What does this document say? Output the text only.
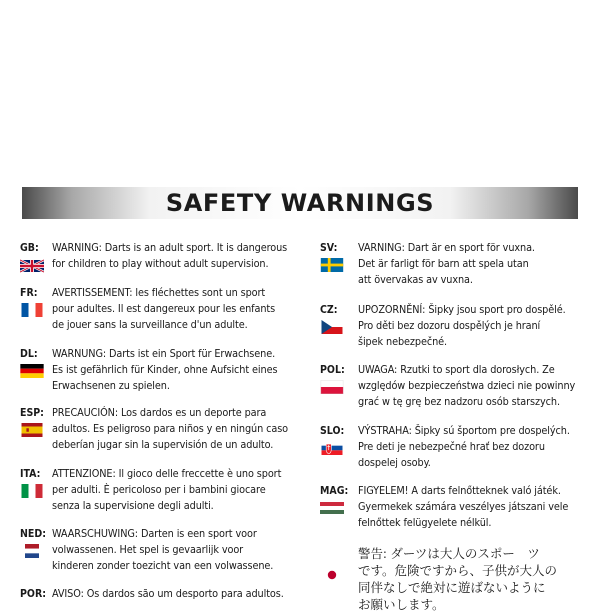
SAFETY WARNINGS
GB: WARNING: Darts is an adult sport. It is dangerous
for children to play without adult supervision.
FR: AVERTISSEMENT: les fléchettes sont un sport
pour adultes. Il est dangereux pour les enfants
de jouer sans la surveillance d'un adulte.
DL: WARNUNG: Darts ist ein Sport für Erwachsene.
Es ist gefährlich für Kinder, ohne Aufsicht eines
Erwachsenen zu spielen.
ESP: PRECAUCIÓN: Los dardos es un deporte para
adultos. Es peligroso para niños y en ningún caso
deberían jugar sin la supervisión de un adulto.
ITA: ATTENZIONE: Il gioco delle freccette è uno sport
per adulti. È pericoloso per i bambini giocare
senza la supervisione degli adulti.
NED: WAARSCHUWING: Darten is een sport voor
volwassenen. Het spel is gevaarlijk voor
kinderen zonder toezicht van een volwassene.
POR: AVISO: Os dardos são um desporto para adultos.
SV: VARNING: Dart är en sport för vuxna.
Det är farligt för barn att spela utan
att övervakas av vuxna.
CZ: UPOZORNĚNÍ: Šipky jsou sport pro dospělé.
Pro děti bez dozoru dospělých je hraní
šipek nebezpečné.
POL: UWAGA: Rzutki to sport dla dorosłych. Ze
względów bezpieczeństwa dzieci nie powinny
grać w tę grę bez nadzoru osób starszych.
SLO: VÝSTRAHA: Šipky sú športom pre dospelých.
Pre deti je nebezpečné hrať bez dozoru
dospelej osoby.
MAG: FIGYELEM! A darts felnőtteknek való játék.
Gyermekek számára veszélyes játszani vele
felnőttek felügyelete nélkül.
警告: ダーツは大人のスポー　ツ
です。危険ですから、子供が大人の
同伴なしで絶対に遊ばないように
お願いします。
